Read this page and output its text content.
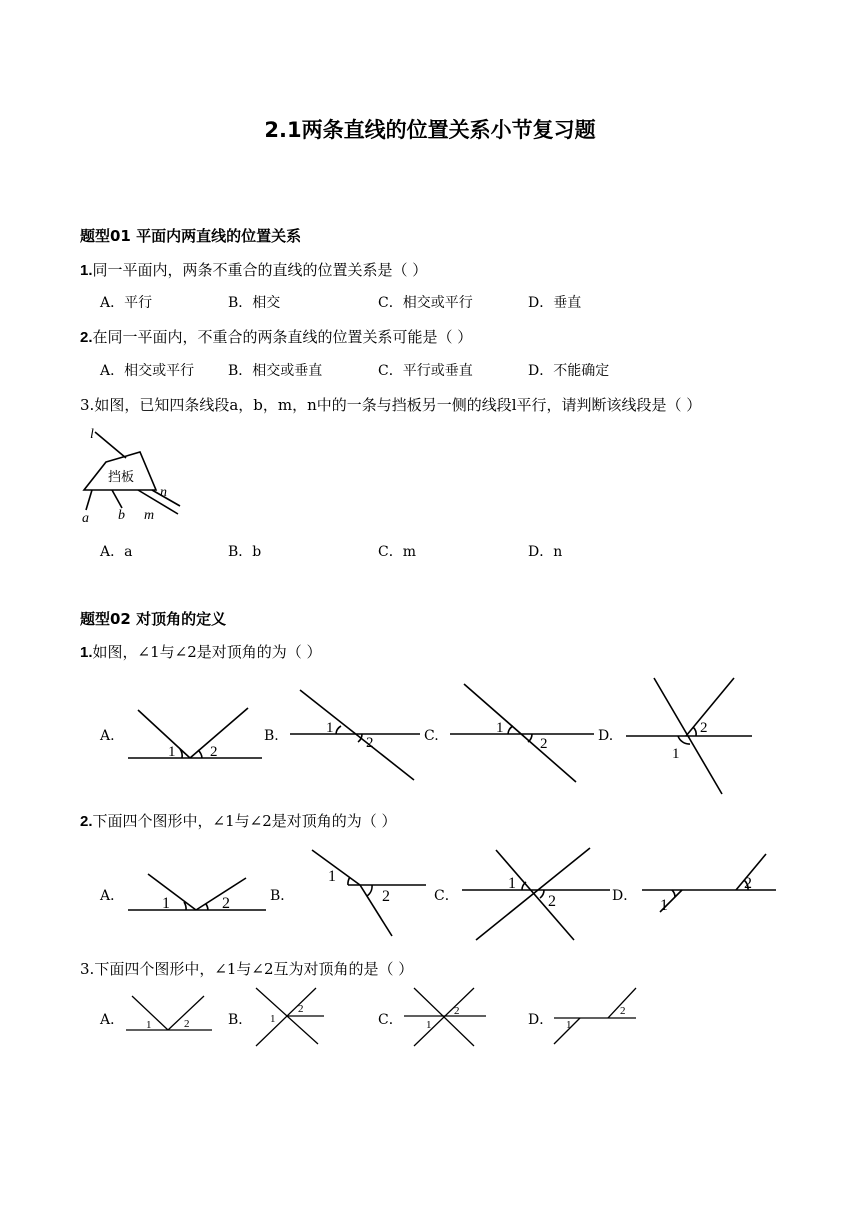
2.1两条直线的位置关系小节复习题
题型01 平面内两直线的位置关系
1.同一平面内，两条不重合的直线的位置关系是（ ）
A．平行	B．相交	C．相交或平行	D．垂直
2.在同一平面内，不重合的两条直线的位置关系可能是（ ）
A．相交或平行 B．相交或垂直	C．平行或垂直	D．不能确定
3.如图，已知四条线段a，b，m，n中的一条与挡板另一侧的线段l平行，请判断该线段是（ ）
挡板
l
a b m
n
A．a	B．b	C．m	D．n
题型02 对顶角的定义
1.如图，∠1与∠2是对顶角的为（ ）
A.
1 2
B.	1
2	C.	1
2	D.	2
1
2.下面四个图形中，∠1与∠2是对顶角的为（ ）
A． 1	2	B．
1
2	C．
1
2	D．
1
2
3.下面四个图形中，∠1与∠2互为对顶角的是（ ）
A． 1	2	B． 1
2
C． 1
2
D． 1
2
